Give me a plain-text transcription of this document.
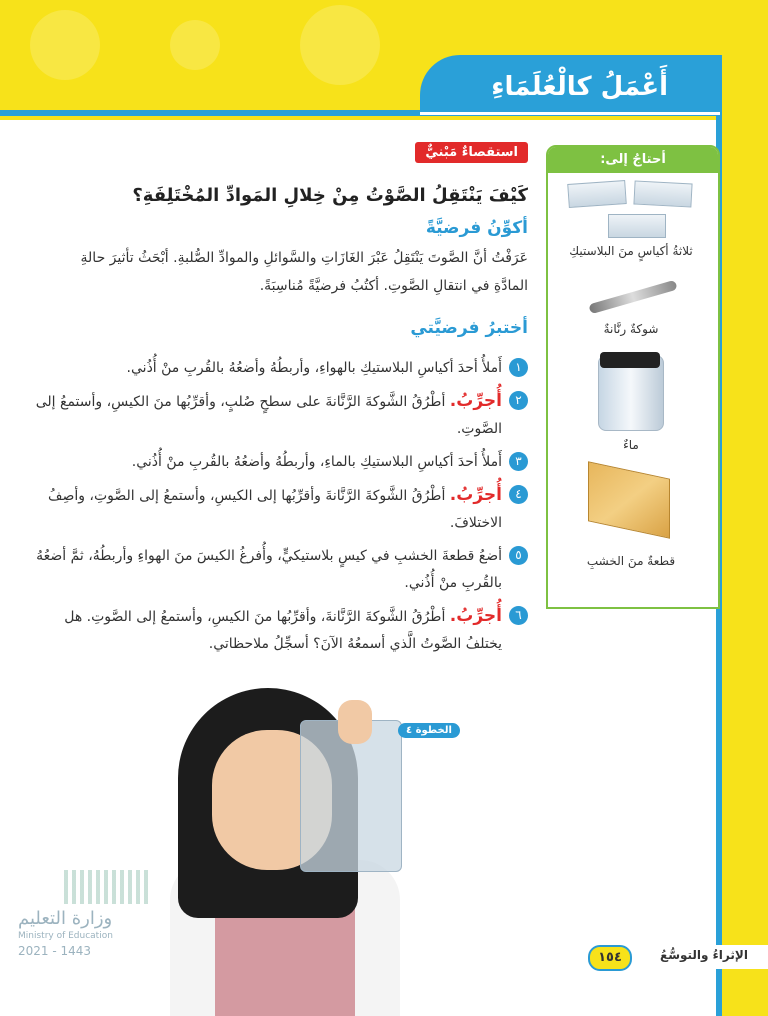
أَعْمَلُ كالْعُلَمَاءِ
استقصاءٌ مَبْنيٌّ
كَيْفَ يَنْتَقِلُ الصَّوْتُ مِنْ خِلالِ المَوادِّ المُخْتَلِفَةِ؟
أكوِّنُ فرضيَّةً
عَرَفْتُ أنَّ الصَّوتَ يَنْتَقِلُ عَبْرَ الغَازَاتِ والسَّوائلِ والموادِّ الصُّلبةِ. أبْحَثُ تأثيرَ حالةِ المادَّةِ في انتقالِ الصَّوتِ. أكتُبُ فرضيَّةً مُناسِبَةً.
أختبرُ فرضيَّتي
١
أَملأُ أحدَ أكياسِ البلاستيكِ بالهواءِ، وأربطُهُ وأضعُهُ بالقُربِ منْ أُذُني.
٢
أُجرِّبُ. أطْرُقُ الشَّوكةَ الرَّنَّانةَ على سطحٍ صُلبٍ، وأقرِّبُها منَ الكيسِ، وأستمعُ إلى الصَّوتِ.
٣
أَملأُ أحدَ أكياسِ البلاستيكِ بالماءِ، وأربطُهُ وأضعُهُ بالقُربِ منْ أُذُني.
٤
أُجرِّبُ. أطْرُقُ الشَّوكةَ الرَّنَّانةَ وأقرِّبُها إلى الكيسِ، وأستمعُ إلى الصَّوتِ، وأصِفُ الاختلافَ.
٥
أضعُ قطعةَ الخشبِ في كيسٍ بلاستيكيٍّ، وأُفرغُ الكيسَ منَ الهواءِ وأربطُهُ، ثمَّ أضعُهُ بالقُربِ منْ أُذُني.
٦
أُجرِّبُ. أطْرُقُ الشَّوكةَ الرَّنَّانةَ، وأقرِّبُها منَ الكيسِ، وأستمعُ إلى الصَّوتِ. هل يختلفُ الصَّوتُ الَّذي أسمعُهُ الآنَ؟ أسجِّلُ ملاحظاتي.
أحتاجُ إلى:
ثلاثةُ أكياسٍ منَ البلاستيكِ
شوكةٌ رنَّانةٌ
ماءٌ
قطعةٌ منَ الخشبِ
الخطوة ٤
وزارة التعليم
Ministry of Education
2021 - 1443	الإثراءُ والتوسُّعُ
١٥٤
